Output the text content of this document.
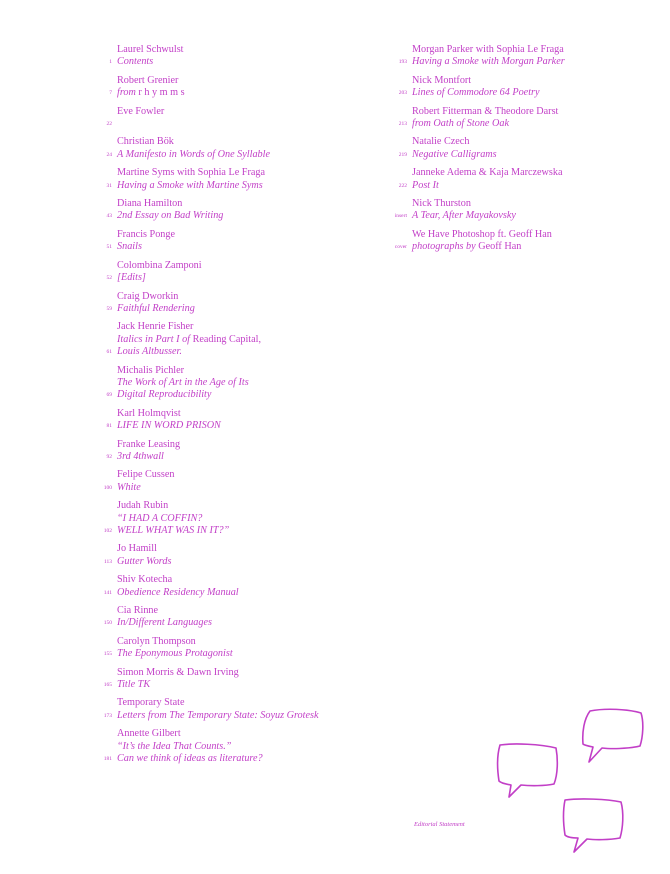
Laurel Schwulst
Contents
1
Robert Grenier
from r h y m m s
7
Eve Fowler

22
Christian Bök
A Manifesto in Words of One Syllable
24
Martine Syms with Sophia Le Fraga
Having a Smoke with Martine Syms
31
Diana Hamilton
2nd Essay on Bad Writing
43
Francis Ponge
Snails
51
Colombina Zamponi
[Edits]
52
Craig Dworkin
Faithful Rendering
59
Jack Henrie Fisher
Italics in Part I of Reading Capital,
Louis Altbusser.
61
Michalis Pichler
The Work of Art in the Age of Its
Digital Reproducibility
69
Karl Holmqvist
LIFE IN WORD PRISON
81
Franke Leasing
3rd 4thwall
92
Felipe Cussen
White
100
Judah Rubin
“I HAD A COFFIN?
WELL WHAT WAS IN IT?”
102
Jo Hamill
Gutter Words
113
Shiv Kotecha
Obedience Residency Manual
141
Cia Rinne
In/Different Languages
150
Carolyn Thompson
The Eponymous Protagonist
155
Simon Morris & Dawn Irving
Title TK
165
Temporary State
Letters from The Temporary State: Soyuz Grotesk
173
Annette Gilbert
“It’s the Idea That Counts.”
Can we think of ideas as literature?
181
Morgan Parker with Sophia Le Fraga
Having a Smoke with Morgan Parker
193
Nick Montfort
Lines of Commodore 64 Poetry
203
Robert Fitterman & Theodore Darst
from Oath of Stone Oak
213
Natalie Czech
Negative Calligrams
219
Janneke Adema & Kaja Marczewska
Post It
222
Nick Thurston
A Tear, After Mayakovsky
insert
We Have Photoshop ft. Geoff Han
photographs by Geoff Han
cover
Editorial Statement
